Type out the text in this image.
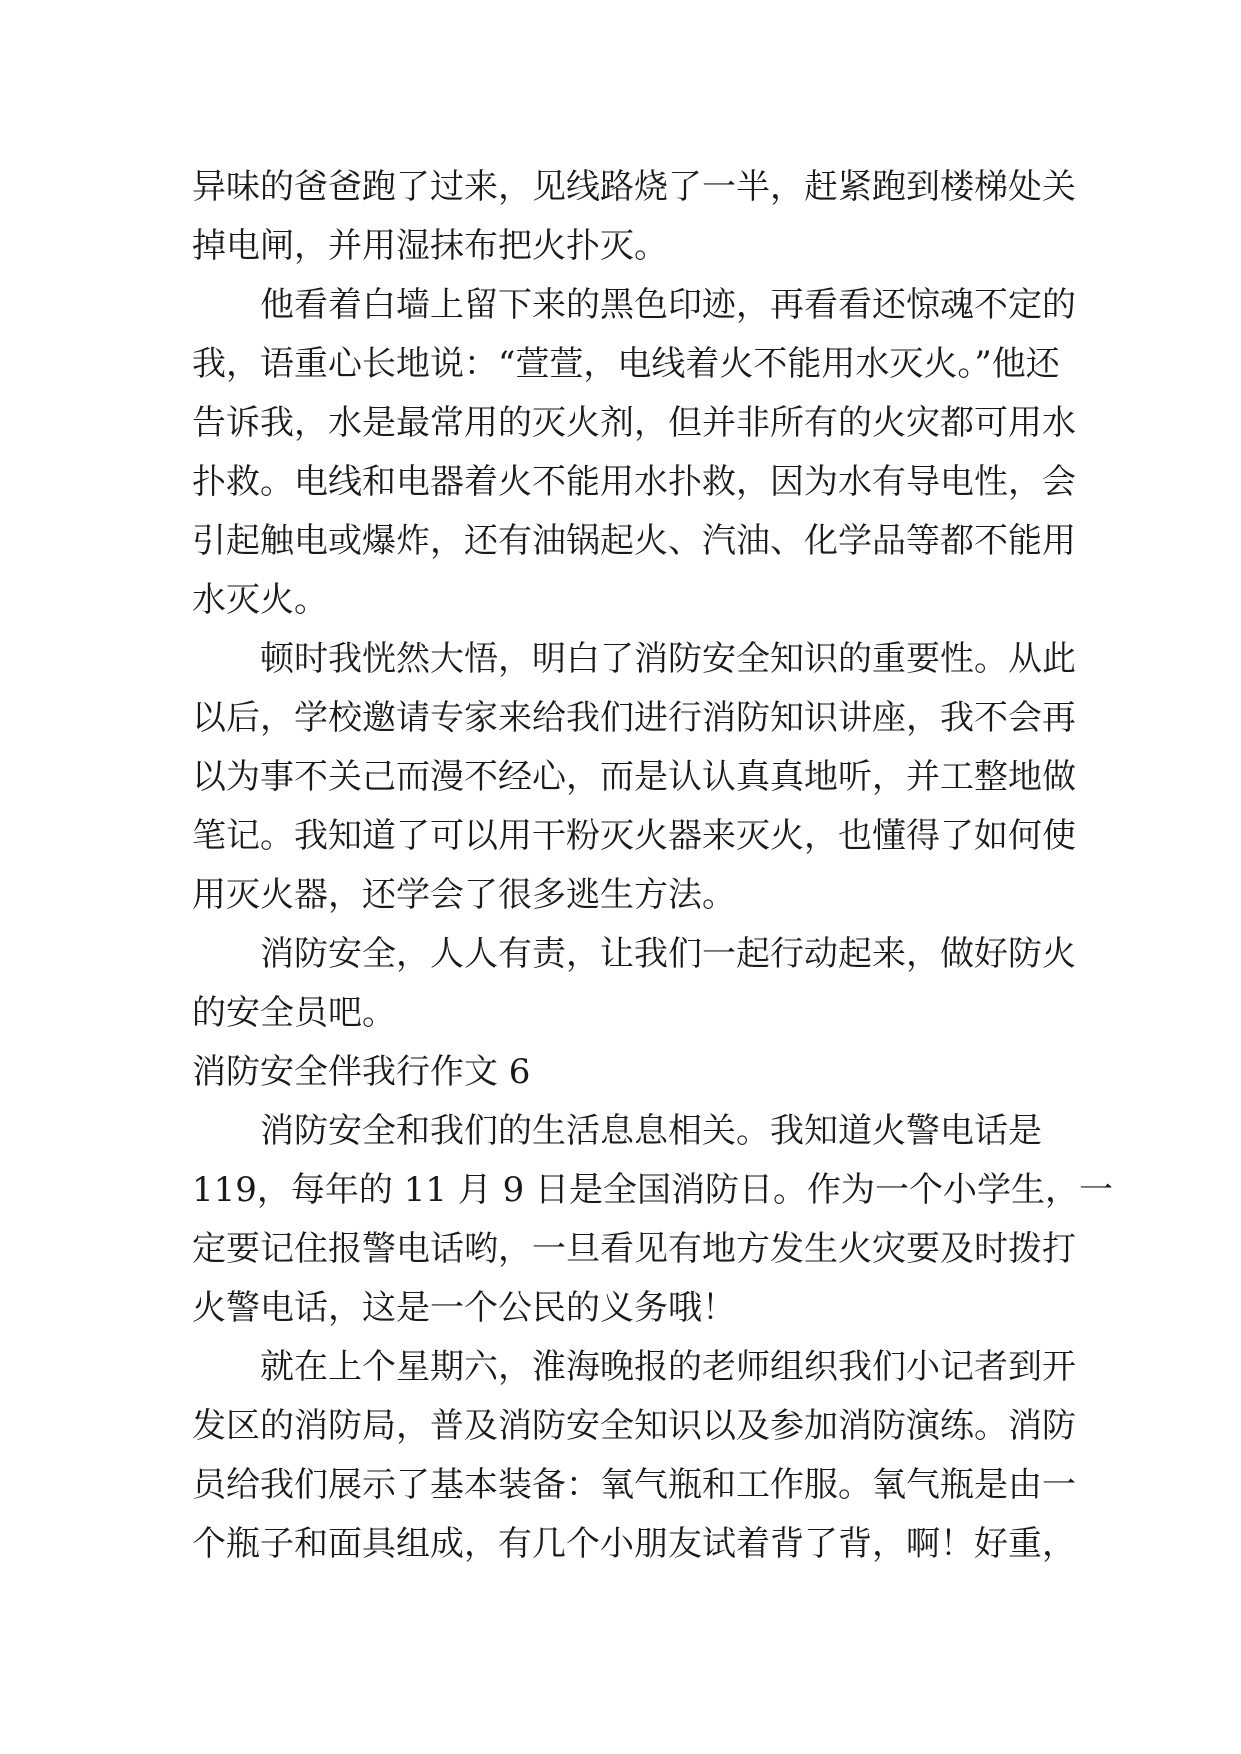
异味的爸爸跑了过来，见线路烧了一半，赶紧跑到楼梯处关
掉电闸，并用湿抹布把火扑灭。
他看着白墙上留下来的黑色印迹，再看看还惊魂不定的
我，语重心长地说：“萱萱，电线着火不能用水灭火。”他还
告诉我，水是最常用的灭火剂，但并非所有的火灾都可用水
扑救。电线和电器着火不能用水扑救，因为水有导电性，会
引起触电或爆炸，还有油锅起火、汽油、化学品等都不能用
水灭火。
顿时我恍然大悟，明白了消防安全知识的重要性。从此
以后，学校邀请专家来给我们进行消防知识讲座，我不会再
以为事不关己而漫不经心，而是认认真真地听，并工整地做
笔记。我知道了可以用干粉灭火器来灭火，也懂得了如何使
用灭火器，还学会了很多逃生方法。
消防安全，人人有责，让我们一起行动起来，做好防火
的安全员吧。
消防安全伴我行作文 6
消防安全和我们的生活息息相关。我知道火警电话是
119，每年的 11 月 9 日是全国消防日。作为一个小学生，一
定要记住报警电话哟，一旦看见有地方发生火灾要及时拨打
火警电话，这是一个公民的义务哦！
就在上个星期六，淮海晚报的老师组织我们小记者到开
发区的消防局，普及消防安全知识以及参加消防演练。消防
员给我们展示了基本装备：氧气瓶和工作服。氧气瓶是由一
个瓶子和面具组成，有几个小朋友试着背了背，啊！好重，
